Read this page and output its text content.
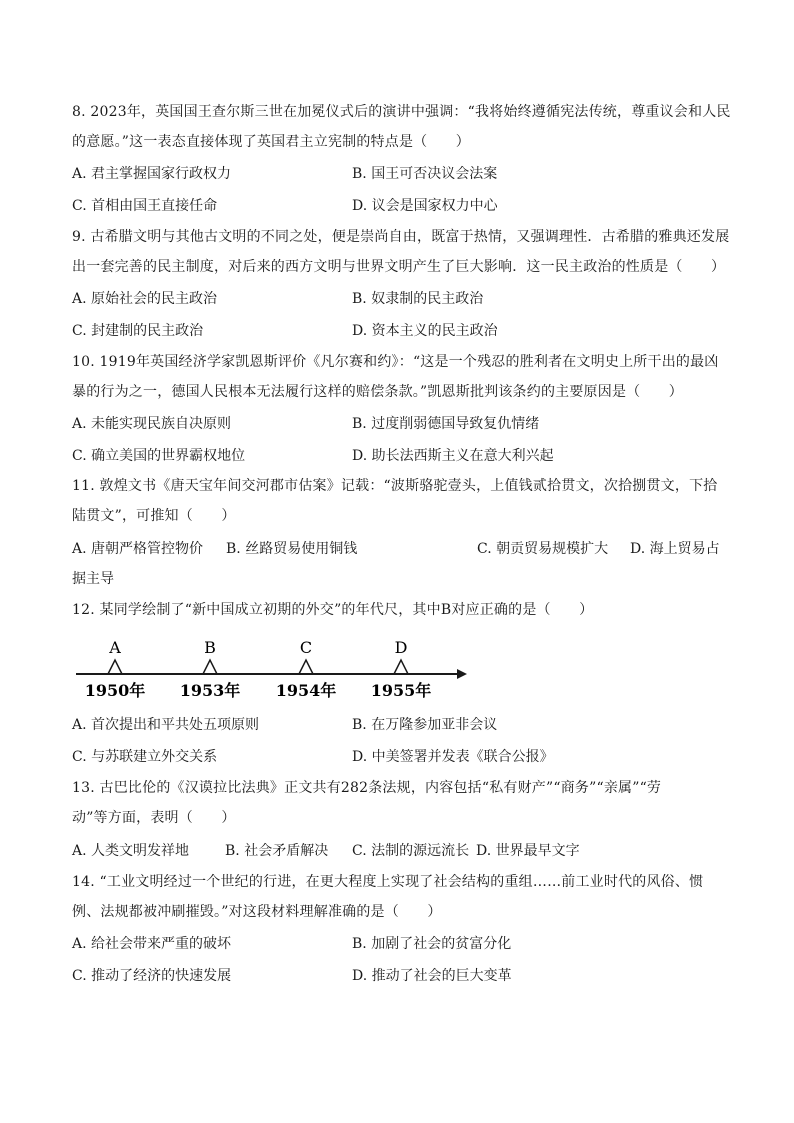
8. 2023年，英国国王查尔斯三世在加冕仪式后的演讲中强调：“我将始终遵循宪法传统，尊重议会和人民
的意愿。”这一表态直接体现了英国君主立宪制的特点是（　　）
A. 君主掌握国家行政权力	B. 国王可否决议会法案
C. 首相由国王直接任命	D. 议会是国家权力中心
9. 古希腊文明与其他古文明的不同之处，便是崇尚自由，既富于热情，又强调理性．古希腊的雅典还发展
出一套完善的民主制度，对后来的西方文明与世界文明产生了巨大影响．这一民主政治的性质是（　　）
A. 原始社会的民主政治	B. 奴隶制的民主政治
C. 封建制的民主政治	D. 资本主义的民主政治
10. 1919年英国经济学家凯恩斯评价《凡尔赛和约》：“这是一个残忍的胜利者在文明史上所干出的最凶
暴的行为之一，德国人民根本无法履行这样的赔偿条款。”凯恩斯批判该条约的主要原因是（　　）
A. 未能实现民族自决原则	B. 过度削弱德国导致复仇情绪
C. 确立美国的世界霸权地位	D. 助长法西斯主义在意大利兴起
11. 敦煌文书《唐天宝年间交河郡市估案》记载：“波斯骆驼壹头，上值钱贰拾贯文，次拾捌贯文，下拾
陆贯文”，可推知（　　）
A. 唐朝严格管控物价 B. 丝路贸易使用铜钱	C. 朝贡贸易规模扩大 D. 海上贸易占
据主导
12. 某同学绘制了“新中国成立初期的外交”的年代尺，其中B对应正确的是（　　）
A
1950年
B
1953年
C
1954年
D
1955年
A. 首次提出和平共处五项原则	B. 在万隆参加亚非会议
C. 与苏联建立外交关系	D. 中美签署并发表《联合公报》
13. 古巴比伦的《汉谟拉比法典》正文共有282条法规，内容包括“私有财产”“商务”“亲属”“劳
动”等方面，表明（　　）
A. 人类文明发祥地	B. 社会矛盾解决 C. 法制的源远流长 D. 世界最早文字
14. “工业文明经过一个世纪的行进，在更大程度上实现了社会结构的重组……前工业时代的风俗、惯
例、法规都被冲刷摧毁。”对这段材料理解准确的是（　　）
A. 给社会带来严重的破坏	B. 加剧了社会的贫富分化
C. 推动了经济的快速发展	D. 推动了社会的巨大变革
